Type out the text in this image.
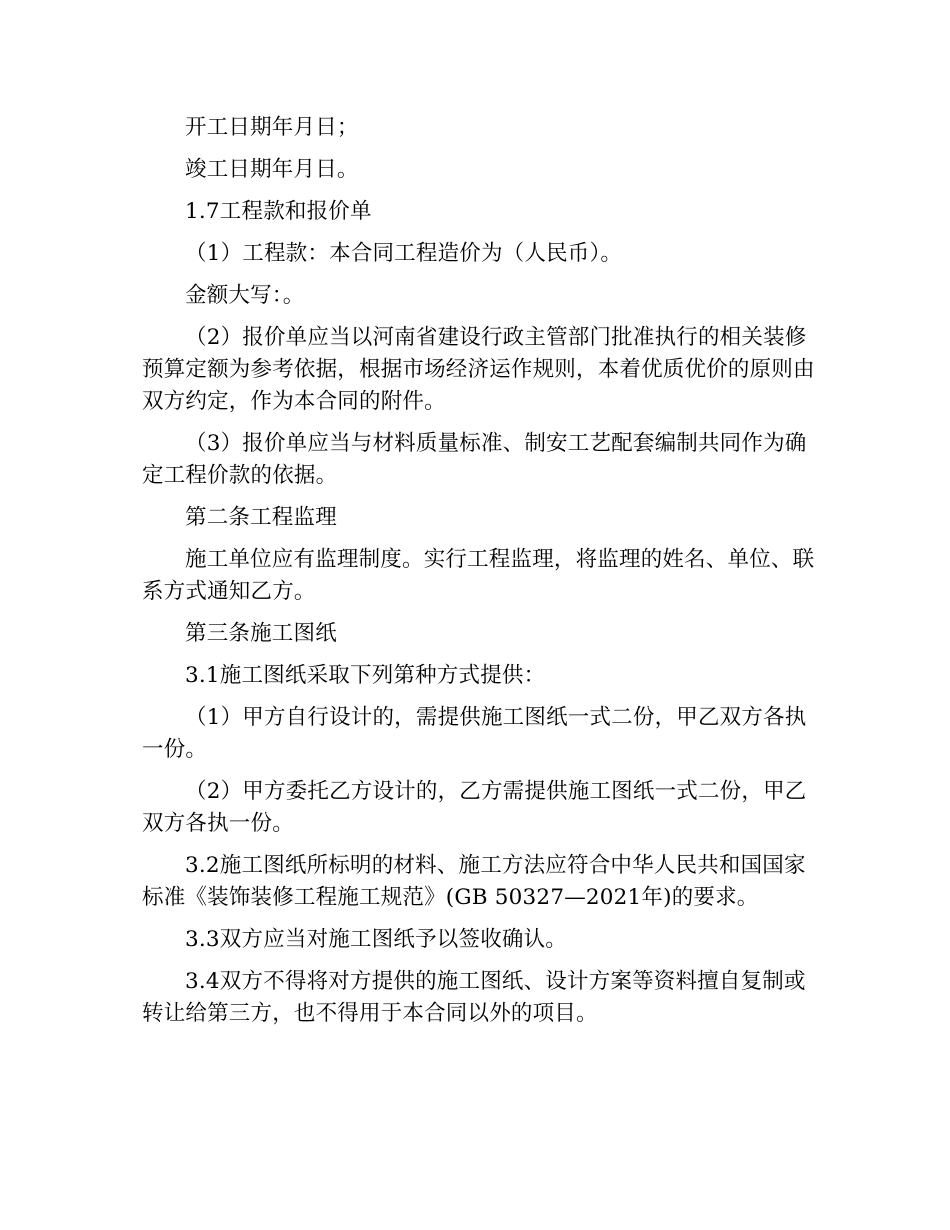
开工日期年月日；

竣工日期年月日。

1.7工程款和报价单

（1）工程款：本合同工程造价为（人民币）。

金额大写：。

（2）报价单应当以河南省建设行政主管部门批准执行的相关装修预算定额为参考依据，根据市场经济运作规则，本着优质优价的原则由双方约定，作为本合同的附件。

（3）报价单应当与材料质量标准、制安工艺配套编制共同作为确定工程价款的依据。

第二条工程监理

施工单位应有监理制度。实行工程监理，将监理的姓名、单位、联系方式通知乙方。

第三条施工图纸

3.1施工图纸采取下列第种方式提供：

（1）甲方自行设计的，需提供施工图纸一式二份，甲乙双方各执一份。

（2）甲方委托乙方设计的，乙方需提供施工图纸一式二份，甲乙双方各执一份。

3.2施工图纸所标明的材料、施工方法应符合中华人民共和国国家标准《装饰装修工程施工规范》(GB 50327—2021年)的要求。

3.3双方应当对施工图纸予以签收确认。

3.4双方不得将对方提供的施工图纸、设计方案等资料擅自复制或转让给第三方，也不得用于本合同以外的项目。
